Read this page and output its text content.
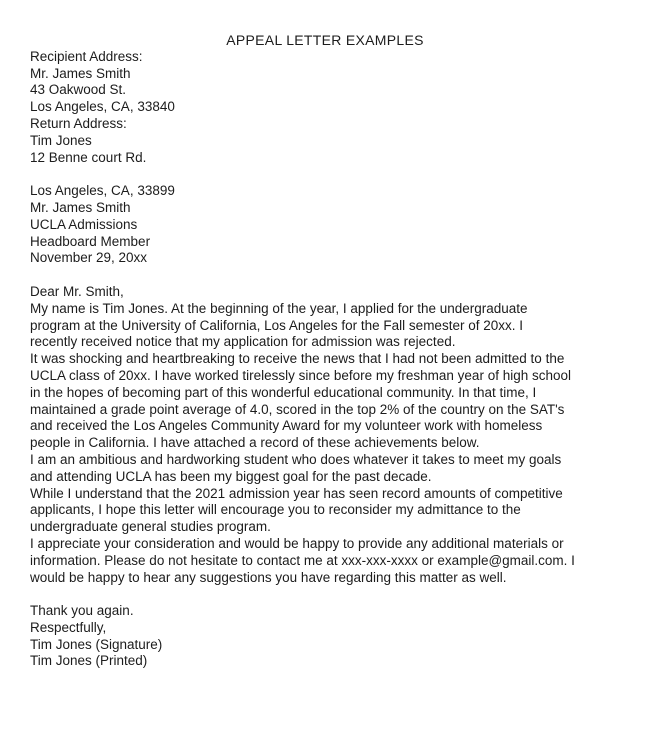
APPEAL LETTER EXAMPLES
Recipient Address:
Mr. James Smith
43 Oakwood St.
Los Angeles, CA, 33840
Return Address:
Tim Jones
12 Benne court Rd.
Los Angeles, CA, 33899
Mr. James Smith
UCLA Admissions
Headboard Member
November 29, 20xx
Dear Mr. Smith,
My name is Tim Jones. At the beginning of the year, I applied for the undergraduate
program at the University of California, Los Angeles for the Fall semester of 20xx. I
recently received notice that my application for admission was rejected.
It was shocking and heartbreaking to receive the news that I had not been admitted to the
UCLA class of 20xx. I have worked tirelessly since before my freshman year of high school
in the hopes of becoming part of this wonderful educational community. In that time, I
maintained a grade point average of 4.0, scored in the top 2% of the country on the SAT's
and received the Los Angeles Community Award for my volunteer work with homeless
people in California. I have attached a record of these achievements below.
I am an ambitious and hardworking student who does whatever it takes to meet my goals
and attending UCLA has been my biggest goal for the past decade.
While I understand that the 2021 admission year has seen record amounts of competitive
applicants, I hope this letter will encourage you to reconsider my admittance to the
undergraduate general studies program.
I appreciate your consideration and would be happy to provide any additional materials or
information. Please do not hesitate to contact me at xxx-xxx-xxxx or example@gmail.com. I
would be happy to hear any suggestions you have regarding this matter as well.
Thank you again.
Respectfully,
Tim Jones (Signature)
Tim Jones (Printed)
